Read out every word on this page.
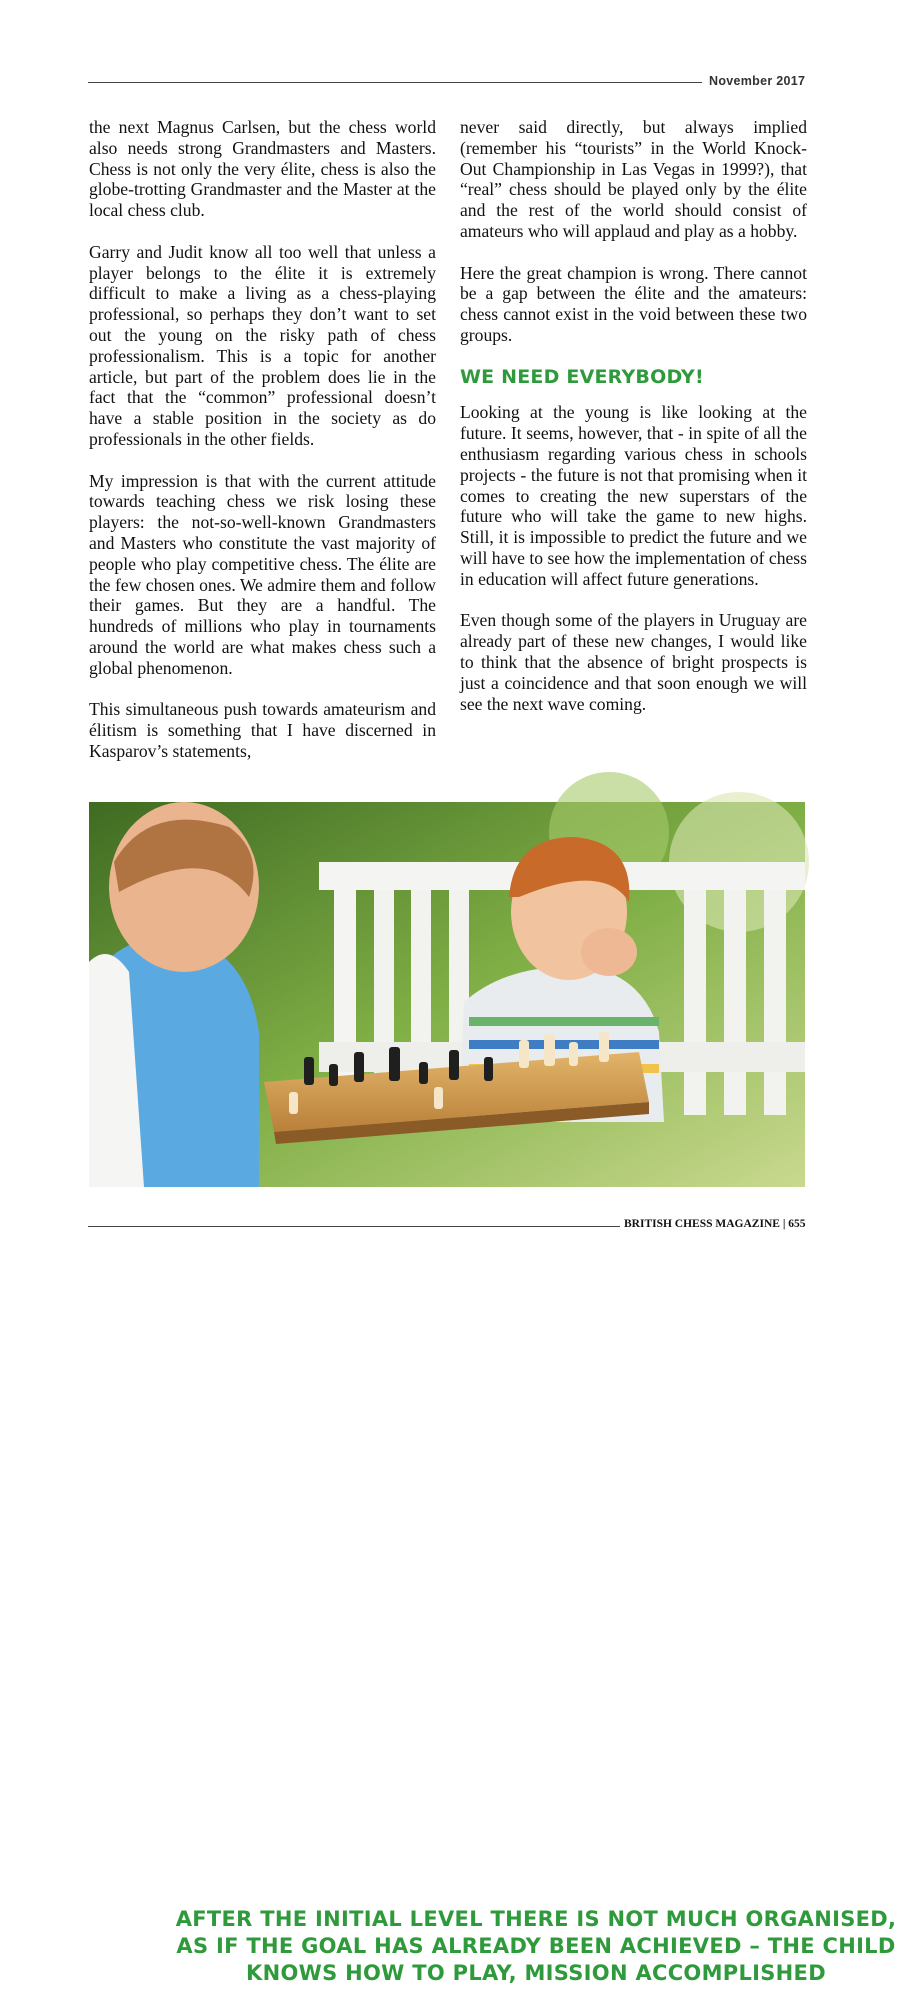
November 2017

the next Magnus Carlsen, but the chess world also needs strong Grandmasters and Masters. Chess is not only the very élite, chess is also the globe-trotting Grandmaster and the Master at the local chess club.

Garry and Judit know all too well that unless a player belongs to the élite it is extremely difficult to make a living as a chess-playing professional, so perhaps they don’t want to set out the young on the risky path of chess professionalism. This is a topic for another article, but part of the problem does lie in the fact that the “common” professional doesn’t have a stable position in the society as do professionals in the other fields.

My impression is that with the current attitude towards teaching chess we risk losing these players: the not-so-well-known Grandmasters and Masters who constitute the vast majority of people who play competitive chess. The élite are the few chosen ones. We admire them and follow their games. But they are a handful. The hundreds of millions who play in tournaments around the world are what makes chess such a global phenomenon.

This simultaneous push towards amateurism and élitism is something that I have discerned in Kasparov’s statements,

never said directly, but always implied (remember his “tourists” in the World Knock-Out Championship in Las Vegas in 1999?), that “real” chess should be played only by the élite and the rest of the world should consist of amateurs who will applaud and play as a hobby.

Here the great champion is wrong. There cannot be a gap between the élite and the amateurs: chess cannot exist in the void between these two groups.

WE NEED EVERYBODY!

Looking at the young is like looking at the future. It seems, however, that - in spite of all the enthusiasm regarding various chess in schools projects - the future is not that promising when it comes to creating the new superstars of the future who will take the game to new highs. Still, it is impossible to predict the future and we will have to see how the implementation of chess in education will affect future generations.

Even though some of the players in Uruguay are already part of these new changes, I would like to think that the absence of bright prospects is just a coincidence and that soon enough we will see the next wave coming.

AFTER THE INITIAL LEVEL THERE IS NOT MUCH ORGANISED,
AS IF THE GOAL HAS ALREADY BEEN ACHIEVED – THE CHILD
KNOWS HOW TO PLAY, MISSION ACCOMPLISHED
BRITISH CHESS MAGAZINE | 655
